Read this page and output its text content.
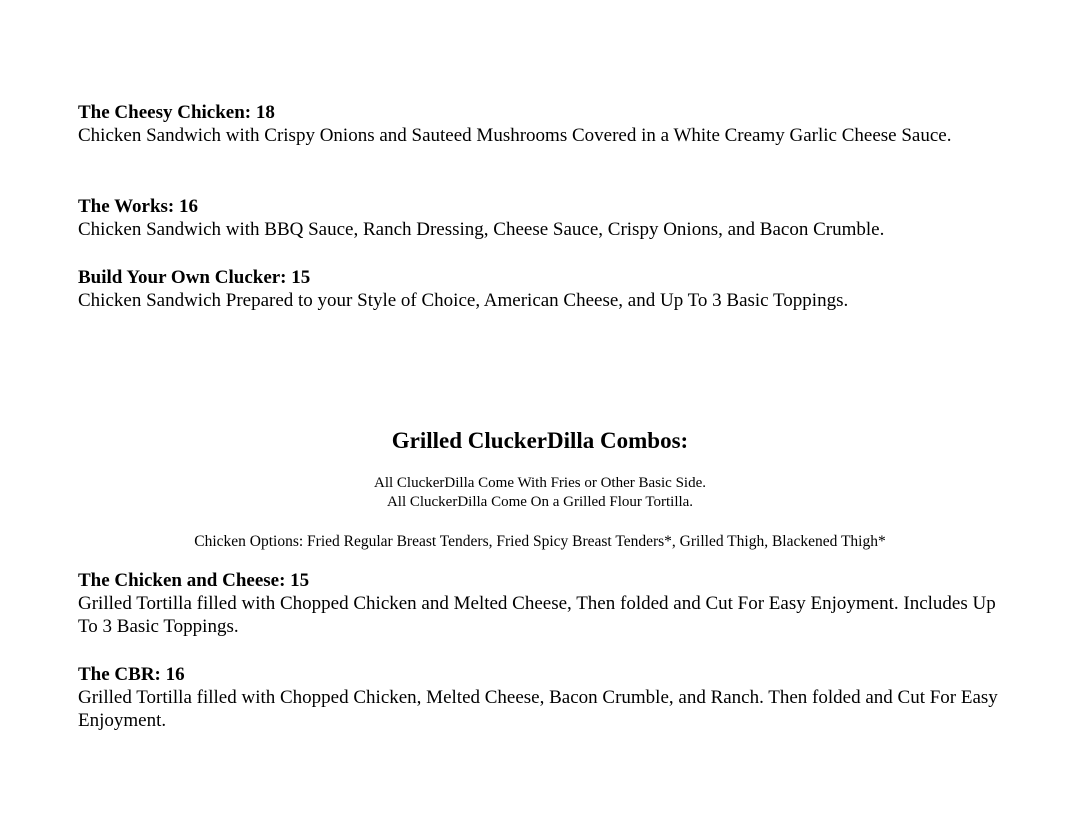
The Cheesy Chicken: 18
Chicken Sandwich with Crispy Onions and Sauteed Mushrooms Covered in a White Creamy Garlic Cheese Sauce.
The Works: 16
Chicken Sandwich with BBQ Sauce, Ranch Dressing, Cheese Sauce, Crispy Onions, and Bacon Crumble.
Build Your Own Clucker: 15
Chicken Sandwich Prepared to your Style of Choice, American Cheese, and Up To 3 Basic Toppings.
Grilled CluckerDilla Combos:
All CluckerDilla Come With Fries or Other Basic Side.
All CluckerDilla Come On a Grilled Flour Tortilla.
Chicken Options: Fried Regular Breast Tenders, Fried Spicy Breast Tenders*, Grilled Thigh, Blackened Thigh*
The Chicken and Cheese: 15
Grilled Tortilla filled with Chopped Chicken and Melted Cheese, Then folded and Cut For Easy Enjoyment. Includes Up To 3 Basic Toppings.
The CBR: 16
Grilled Tortilla filled with Chopped Chicken, Melted Cheese, Bacon Crumble, and Ranch. Then folded and Cut For Easy Enjoyment.
